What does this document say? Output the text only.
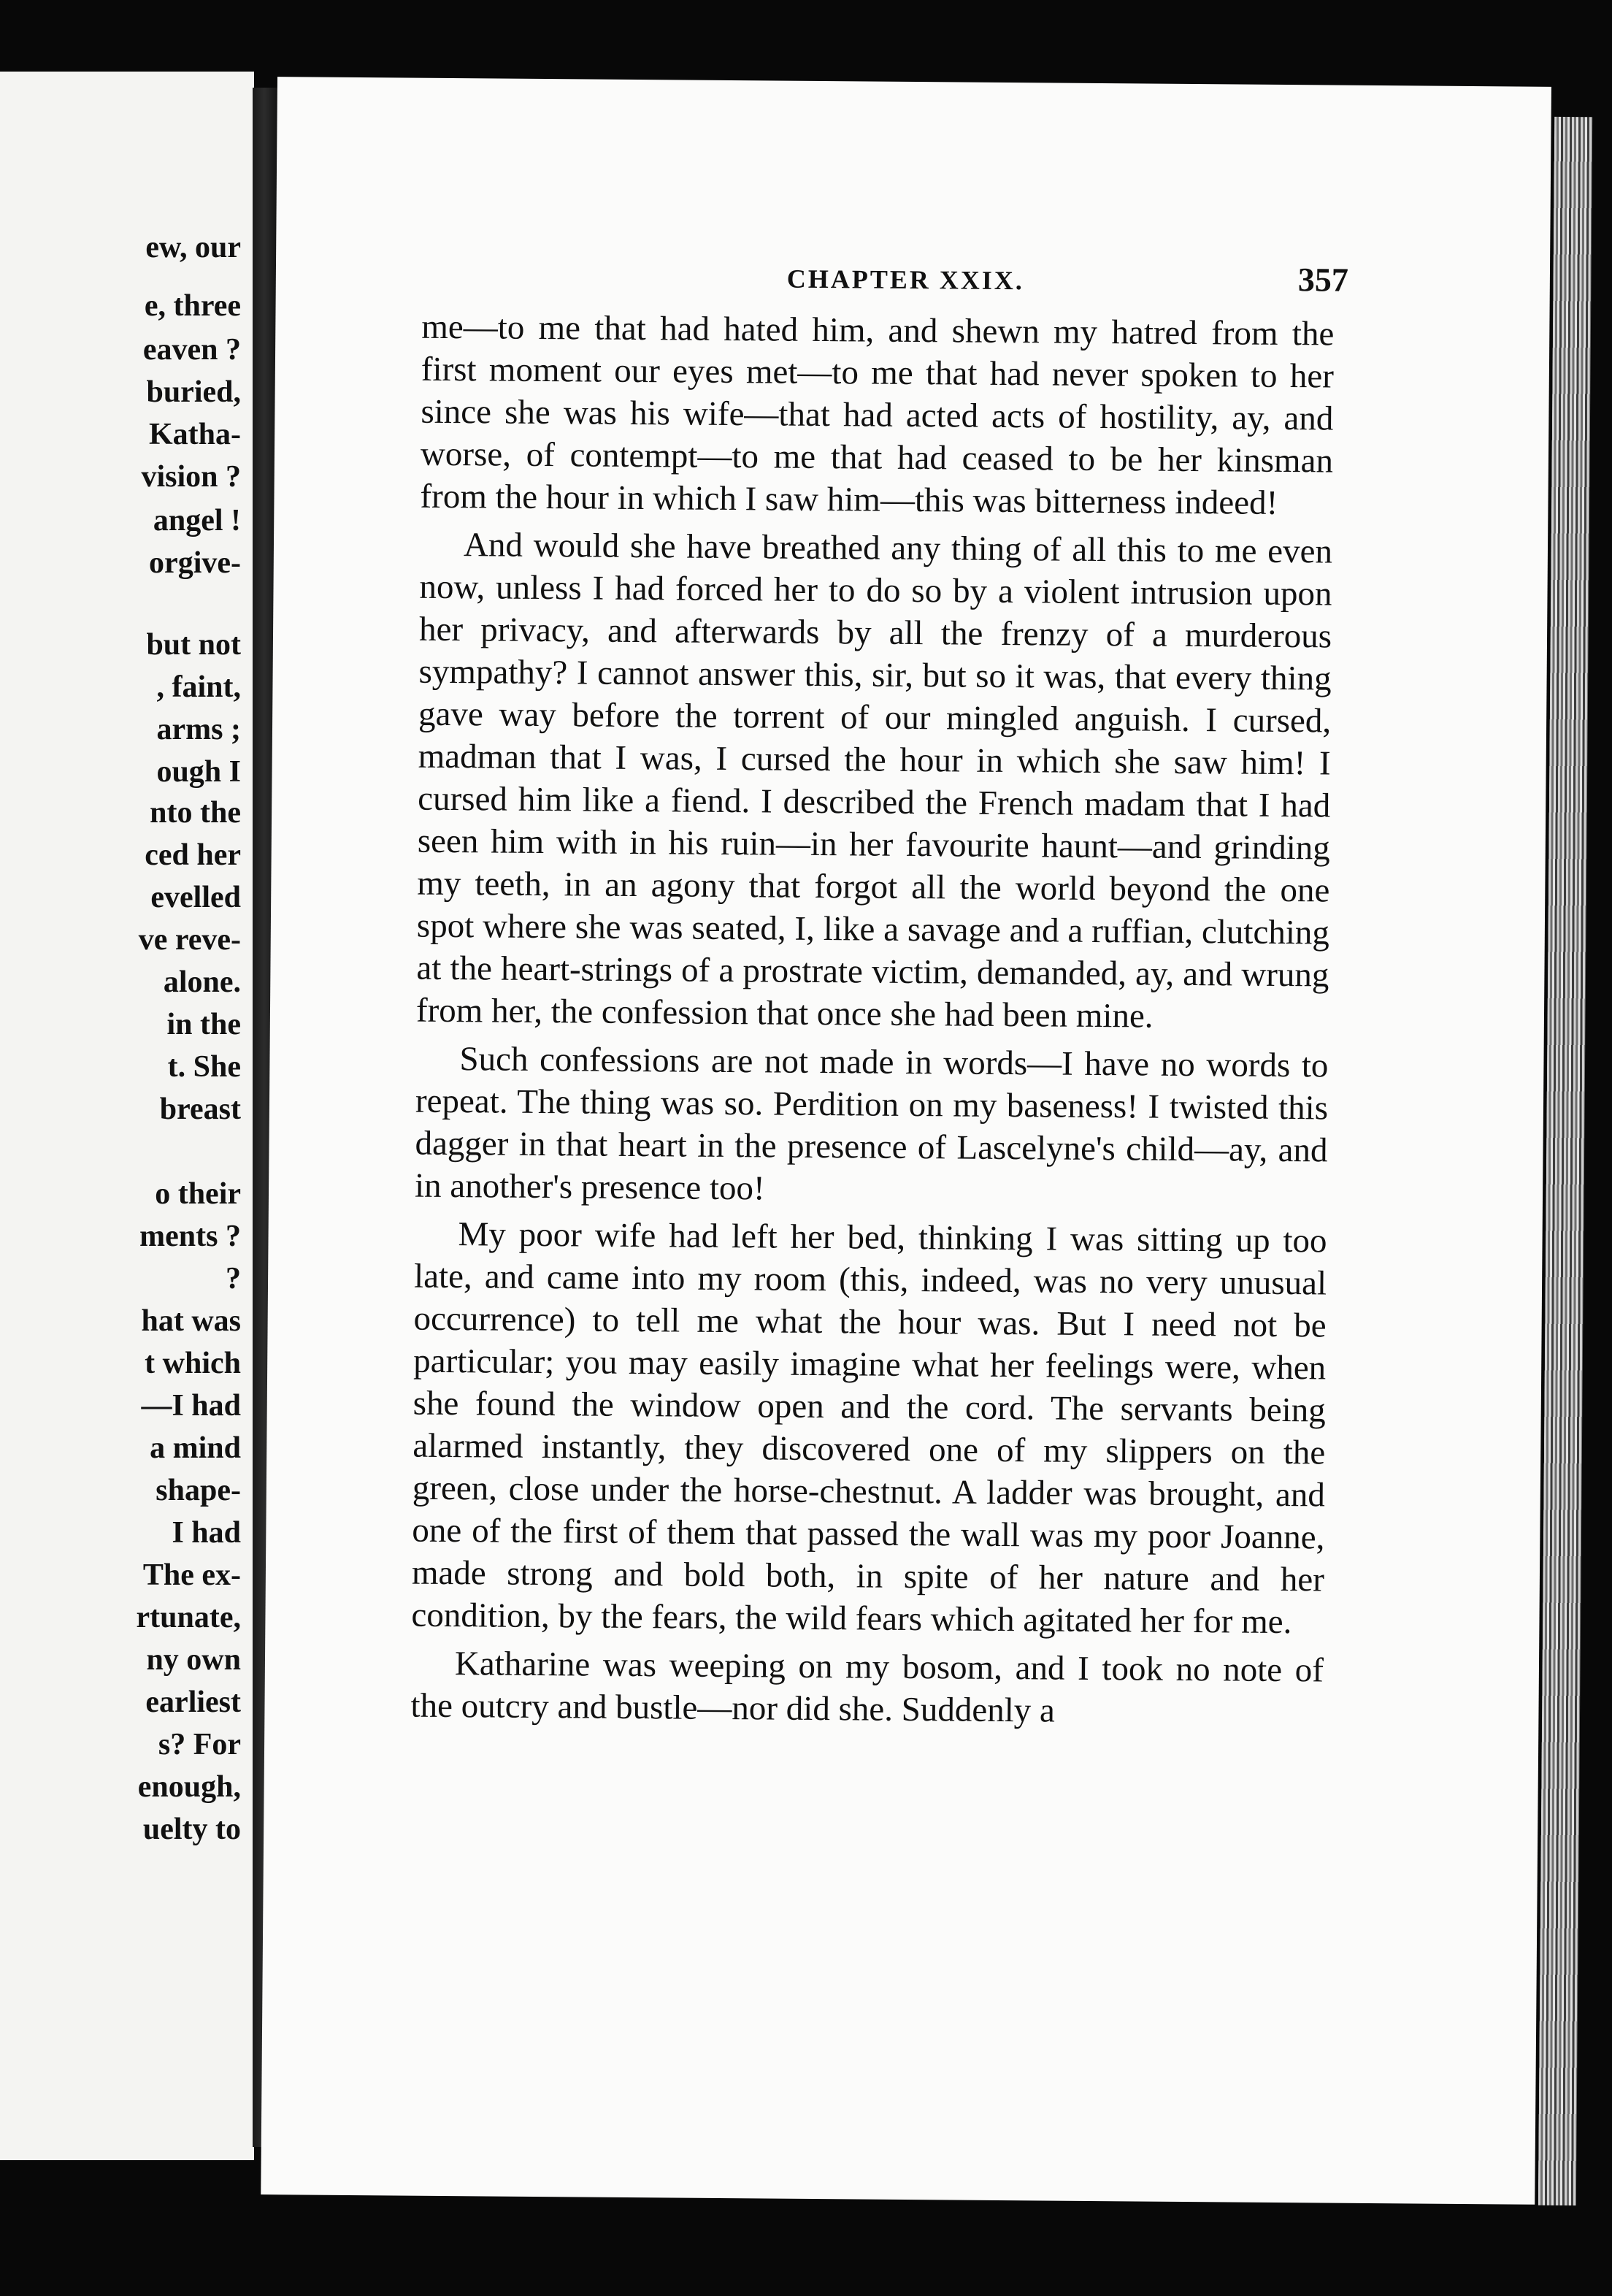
ew, our
e, three
eaven ?
buried,
Katha-
vision ?
angel !
orgive-
but not
, faint,
arms ;
ough I
nto the
ced her
evelled
ve reve-
alone.
in the
t. She
breast
o their
ments ?
?
hat was
t which
—I had
a mind
shape-
I had
The ex-
rtunate,
ny own
earliest
s? For
enough,
uelty to
CHAPTER XXIX.	357

me—to me that had hated him, and shewn my hatred from the first moment our eyes met—to me that had never spoken to her since she was his wife—that had acted acts of hostility, ay, and worse, of contempt—to me that had ceased to be her kinsman from the hour in which I saw him—this was bitterness indeed!

And would she have breathed any thing of all this to me even now, unless I had forced her to do so by a violent intrusion upon her privacy, and afterwards by all the frenzy of a murderous sympathy? I cannot answer this, sir, but so it was, that every thing gave way before the torrent of our mingled anguish. I cursed, madman that I was, I cursed the hour in which she saw him! I cursed him like a fiend. I described the French madam that I had seen him with in his ruin—in her favourite haunt—and grinding my teeth, in an agony that forgot all the world beyond the one spot where she was seated, I, like a savage and a ruffian, clutching at the heart-strings of a prostrate victim, demanded, ay, and wrung from her, the confession that once she had been mine.

Such confessions are not made in words—I have no words to repeat. The thing was so. Perdition on my baseness! I twisted this dagger in that heart in the presence of Lascelyne's child—ay, and in another's presence too!

My poor wife had left her bed, thinking I was sitting up too late, and came into my room (this, indeed, was no very unusual occurrence) to tell me what the hour was. But I need not be particular; you may easily imagine what her feelings were, when she found the window open and the cord. The servants being alarmed instantly, they discovered one of my slippers on the green, close under the horse-chestnut. A ladder was brought, and one of the first of them that passed the wall was my poor Joanne, made strong and bold both, in spite of her nature and her condition, by the fears, the wild fears which agitated her for me.

Katharine was weeping on my bosom, and I took no note of the outcry and bustle—nor did she. Suddenly a
